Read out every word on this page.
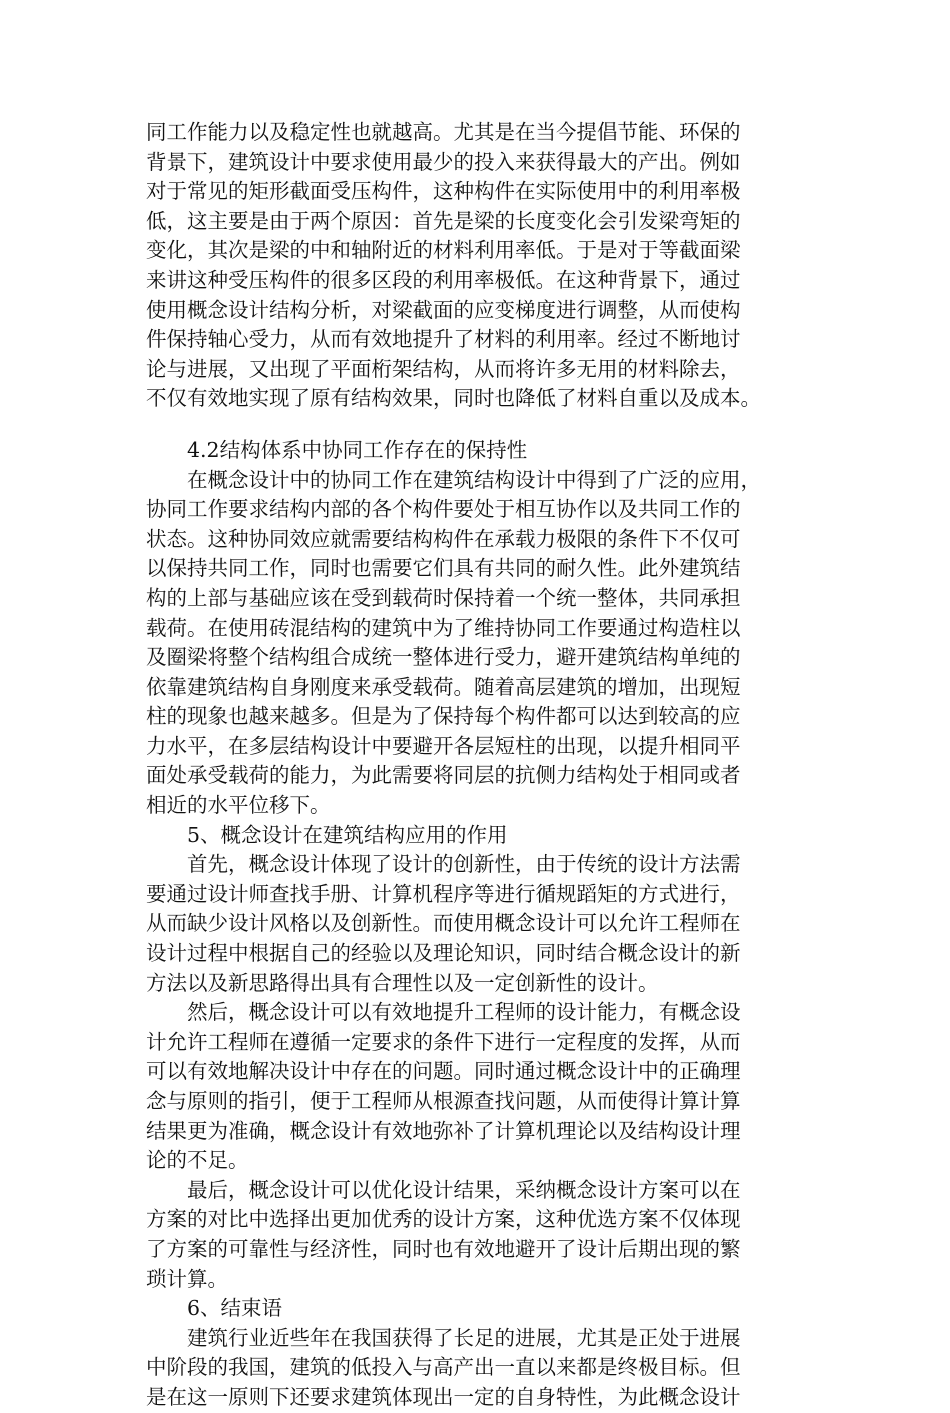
同工作能力以及稳定性也就越高。尤其是在当今提倡节能、环保的
背景下，建筑设计中要求使用最少的投入来获得最大的产出。例如
对于常见的矩形截面受压构件，这种构件在实际使用中的利用率极
低，这主要是由于两个原因：首先是梁的长度变化会引发梁弯矩的
变化，其次是梁的中和轴附近的材料利用率低。于是对于等截面梁
来讲这种受压构件的很多区段的利用率极低。在这种背景下，通过
使用概念设计结构分析，对梁截面的应变梯度进行调整，从而使构
件保持轴心受力，从而有效地提升了材料的利用率。经过不断地讨
论与进展，又出现了平面桁架结构，从而将许多无用的材料除去，
不仅有效地实现了原有结构效果，同时也降低了材料自重以及成本。
4.2结构体系中协同工作存在的保持性
在概念设计中的协同工作在建筑结构设计中得到了广泛的应用，
协同工作要求结构内部的各个构件要处于相互协作以及共同工作的
状态。这种协同效应就需要结构构件在承载力极限的条件下不仅可
以保持共同工作，同时也需要它们具有共同的耐久性。此外建筑结
构的上部与基础应该在受到载荷时保持着一个统一整体，共同承担
载荷。在使用砖混结构的建筑中为了维持协同工作要通过构造柱以
及圈梁将整个结构组合成统一整体进行受力，避开建筑结构单纯的
依靠建筑结构自身刚度来承受载荷。随着高层建筑的增加，出现短
柱的现象也越来越多。但是为了保持每个构件都可以达到较高的应
力水平，在多层结构设计中要避开各层短柱的出现，以提升相同平
面处承受载荷的能力，为此需要将同层的抗侧力结构处于相同或者
相近的水平位移下。
5、概念设计在建筑结构应用的作用
首先，概念设计体现了设计的创新性，由于传统的设计方法需
要通过设计师查找手册、计算机程序等进行循规蹈矩的方式进行，
从而缺少设计风格以及创新性。而使用概念设计可以允许工程师在
设计过程中根据自己的经验以及理论知识，同时结合概念设计的新
方法以及新思路得出具有合理性以及一定创新性的设计。
然后，概念设计可以有效地提升工程师的设计能力，有概念设
计允许工程师在遵循一定要求的条件下进行一定程度的发挥，从而
可以有效地解决设计中存在的问题。同时通过概念设计中的正确理
念与原则的指引，便于工程师从根源查找问题，从而使得计算计算
结果更为准确，概念设计有效地弥补了计算机理论以及结构设计理
论的不足。
最后，概念设计可以优化设计结果，采纳概念设计方案可以在
方案的对比中选择出更加优秀的设计方案，这种优选方案不仅体现
了方案的可靠性与经济性，同时也有效地避开了设计后期出现的繁
琐计算。
6、结束语
建筑行业近些年在我国获得了长足的进展，尤其是正处于进展
中阶段的我国，建筑的低投入与高产出一直以来都是终极目标。但
是在这一原则下还要求建筑体现出一定的自身特性，为此概念设计
